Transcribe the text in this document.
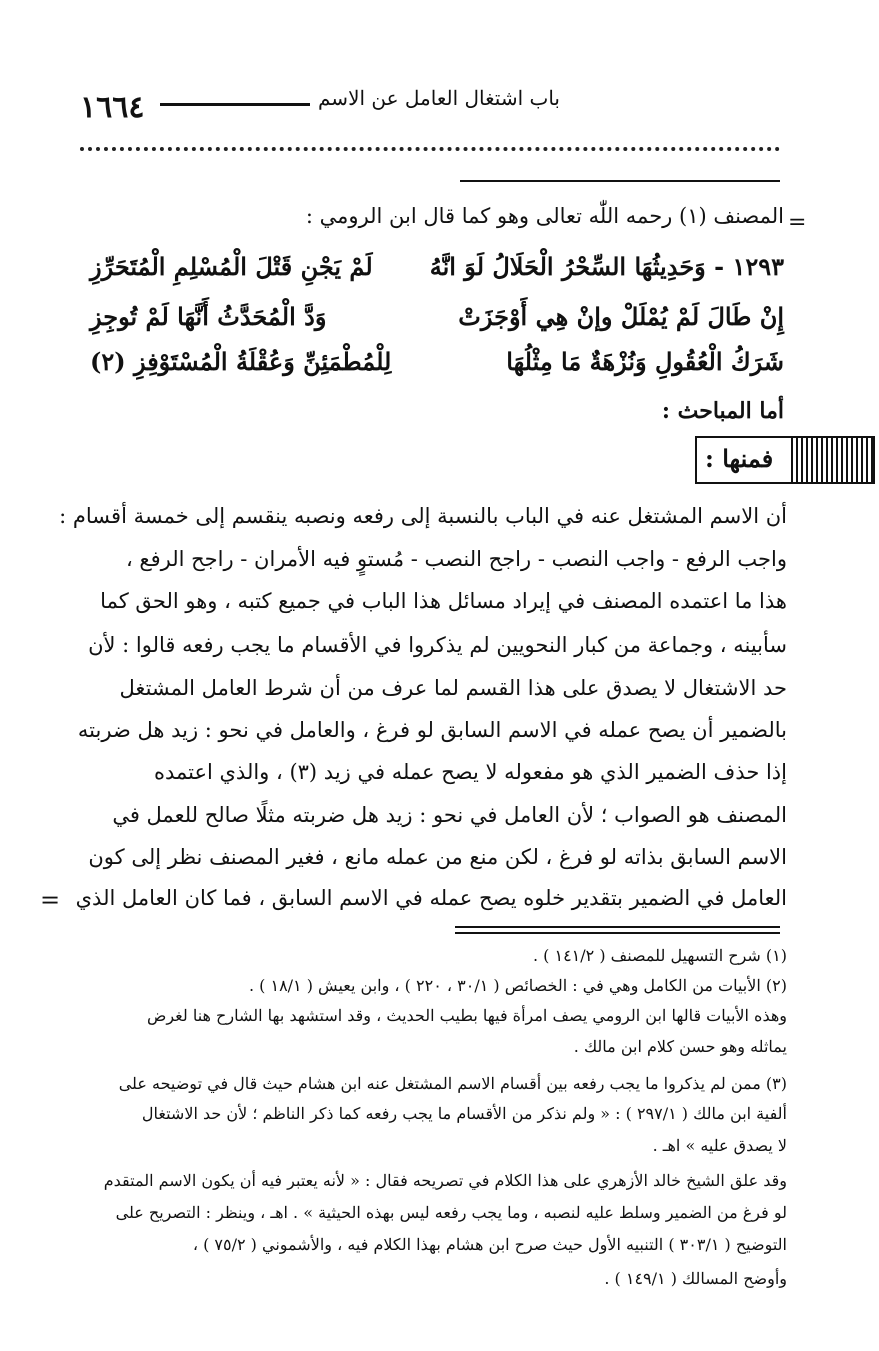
١٦٦٤	باب اشتغال العامل عن الاسم
=
المصنف (١) رحمه اللّٰه تعالى وهو كما قال ابن الرومي :
١٢٩٣ - وَحَدِيثُهَا السِّحْرُ الْحَلَالُ لَوَ انَّهُ
لَمْ يَجْنِ قَتْلَ الْمُسْلِمِ الْمُتَحَرِّزِ
إِنْ طَالَ لَمْ يُمْلَلْ وإنْ هِي أَوْجَزَتْ
وَدَّ الْمُحَدَّثُ أَنَّهَا لَمْ تُوجِزِ
شَرَكُ الْعُقُولِ وَنُزْهَةٌ مَا مِثْلُهَا
لِلْمُطْمَئِنِّ وَعُقْلَةُ الْمُسْتَوْفِزِ (٢)
أما المباحث :
فمنها :
أن الاسم المشتغل عنه في الباب بالنسبة إلى رفعه ونصبه ينقسم إلى خمسة أقسام :
واجب الرفع - واجب النصب - راجح النصب - مُستوٍ فيه الأمران - راجح الرفع ،
هذا ما اعتمده المصنف في إيراد مسائل هذا الباب في جميع كتبه ، وهو الحق كما
سأبينه ، وجماعة من كبار النحويين لم يذكروا في الأقسام ما يجب رفعه قالوا : لأن
حد الاشتغال لا يصدق على هذا القسم لما عرف من أن شرط العامل المشتغل
بالضمير أن يصح عمله في الاسم السابق لو فرغ ، والعامل في نحو : زيد هل ضربته
إذا حذف الضمير الذي هو مفعوله لا يصح عمله في زيد (٣) ، والذي اعتمده
المصنف هو الصواب ؛ لأن العامل في نحو : زيد هل ضربته مثلًا صالح للعمل في
الاسم السابق بذاته لو فرغ ، لكن منع من عمله مانع ، فغير المصنف نظر إلى كون
العامل في الضمير بتقدير خلوه يصح عمله في الاسم السابق ، فما كان العامل الذي
=
(١) شرح التسهيل للمصنف ( ١٤١/٢ ) .
(٢) الأبيات من الكامل وهي في : الخصائص ( ٣٠/١ ، ٢٢٠ ) ، وابن يعيش ( ١٨/١ ) .
وهذه الأبيات قالها ابن الرومي يصف امرأة فيها بطيب الحديث ، وقد استشهد بها الشارح هنا لغرض
يماثله وهو حسن كلام ابن مالك .
(٣) ممن لم يذكروا ما يجب رفعه بين أقسام الاسم المشتغل عنه ابن هشام حيث قال في توضيحه على
ألفية ابن مالك ( ٢٩٧/١ ) : « ولم نذكر من الأقسام ما يجب رفعه كما ذكر الناظم ؛ لأن حد الاشتغال
لا يصدق عليه » اهـ .
وقد علق الشيخ خالد الأزهري على هذا الكلام في تصريحه فقال : « لأنه يعتبر فيه أن يكون الاسم المتقدم
لو فرغ من الضمير وسلط عليه لنصبه ، وما يجب رفعه ليس بهذه الحيثية » . اهـ ، وينظر : التصريح على
التوضيح ( ٣٠٣/١ ) التنبيه الأول حيث صرح ابن هشام بهذا الكلام فيه ، والأشموني ( ٧٥/٢ ) ،
وأوضح المسالك ( ١٤٩/١ ) .
